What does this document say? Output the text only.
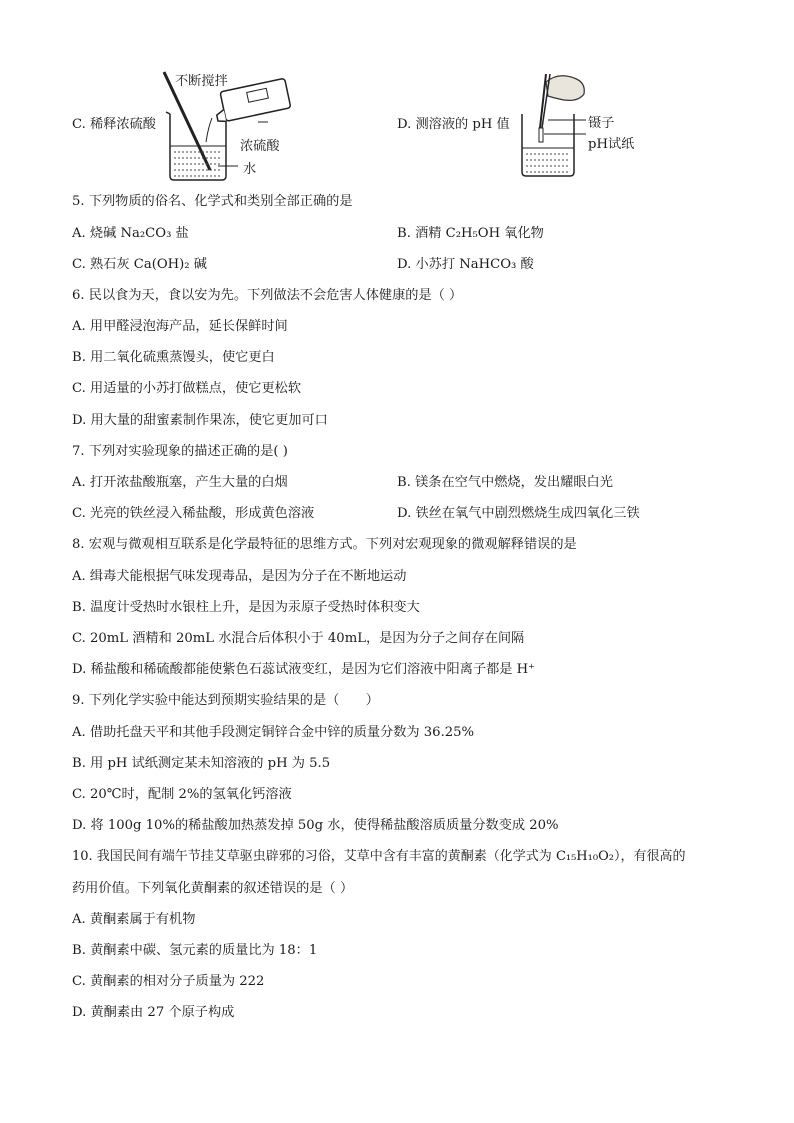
C. 稀释浓硫酸
不断搅拌
浓硫酸
水
D. 测溶液的 pH 值	镊子
pH试纸
5. 下列物质的俗名、化学式和类别全部正确的是
A. 烧碱 Na₂CO₃ 盐	B. 酒精 C₂H₅OH 氧化物
C. 熟石灰 Ca(OH)₂ 碱	D. 小苏打 NaHCO₃ 酸
6. 民以食为天，食以安为先。下列做法不会危害人体健康的是（ ）
A. 用甲醛浸泡海产品，延长保鲜时间
B. 用二氧化硫熏蒸馒头，使它更白
C. 用适量的小苏打做糕点，使它更松软
D. 用大量的甜蜜素制作果冻，使它更加可口
7. 下列对实验现象的描述正确的是( )
A. 打开浓盐酸瓶塞，产生大量的白烟	B. 镁条在空气中燃烧，发出耀眼白光
C. 光亮的铁丝浸入稀盐酸，形成黄色溶液	D. 铁丝在氧气中剧烈燃烧生成四氧化三铁
8. 宏观与微观相互联系是化学最特征的思维方式。下列对宏观现象的微观解释错误的是
A. 缉毒犬能根据气味发现毒品，是因为分子在不断地运动
B. 温度计受热时水银柱上升，是因为汞原子受热时体积变大
C. 20mL 酒精和 20mL 水混合后体积小于 40mL，是因为分子之间存在间隔
D. 稀盐酸和稀硫酸都能使紫色石蕊试液变红，是因为它们溶液中阳离子都是 H⁺
9. 下列化学实验中能达到预期实验结果的是（　　）
A. 借助托盘天平和其他手段测定铜锌合金中锌的质量分数为 36.25%
B. 用 pH 试纸测定某未知溶液的 pH 为 5.5
C. 20℃时，配制 2%的氢氧化钙溶液
D. 将 100g 10%的稀盐酸加热蒸发掉 50g 水，使得稀盐酸溶质质量分数变成 20%
10. 我国民间有端午节挂艾草驱虫辟邪的习俗，艾草中含有丰富的黄酮素（化学式为 C₁₅H₁₀O₂），有很高的
药用价值。下列氧化黄酮素的叙述错误的是（ ）
A. 黄酮素属于有机物
B. 黄酮素中碳、氢元素的质量比为 18：1
C. 黄酮素的相对分子质量为 222
D. 黄酮素由 27 个原子构成
